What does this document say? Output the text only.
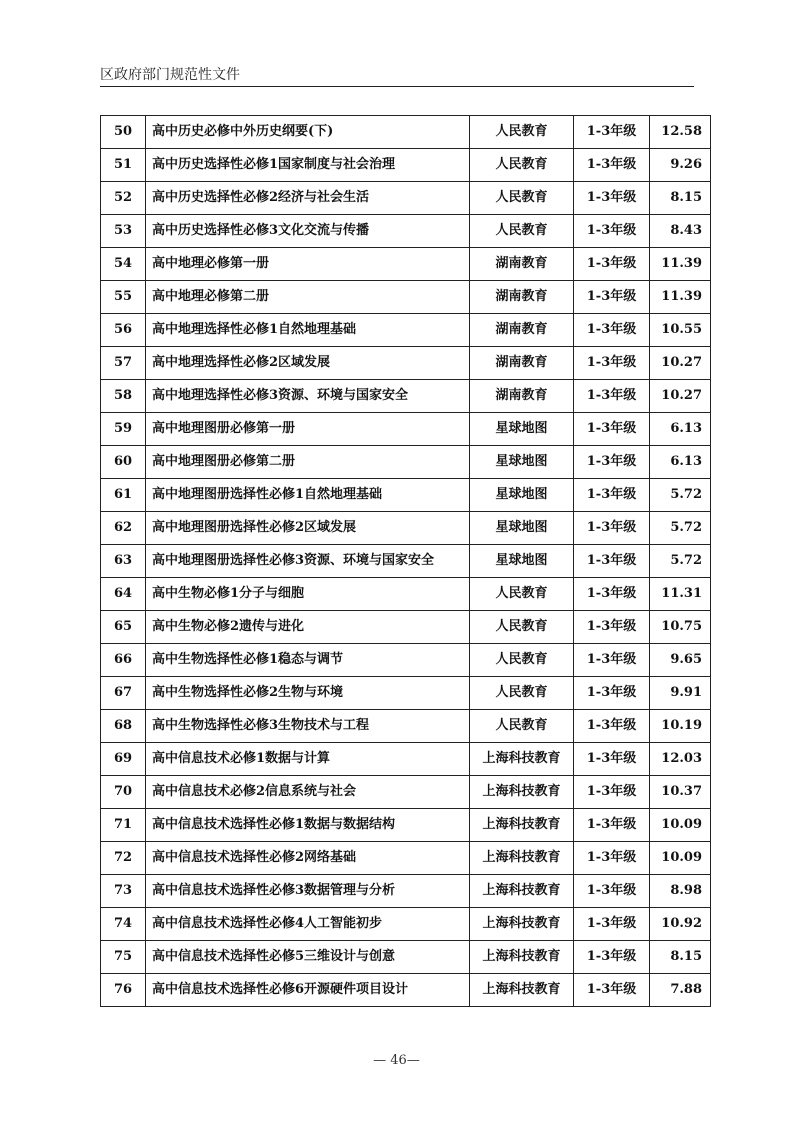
区政府部门规范性文件
50	高中历史必修中外历史纲要(下)	人民教育	1-3年级	12.58
51	高中历史选择性必修1国家制度与社会治理	人民教育	1-3年级	9.26
52	高中历史选择性必修2经济与社会生活	人民教育	1-3年级	8.15
53	高中历史选择性必修3文化交流与传播	人民教育	1-3年级	8.43
54	高中地理必修第一册	湖南教育	1-3年级	11.39
55	高中地理必修第二册	湖南教育	1-3年级	11.39
56	高中地理选择性必修1自然地理基础	湖南教育	1-3年级	10.55
57	高中地理选择性必修2区域发展	湖南教育	1-3年级	10.27
58	高中地理选择性必修3资源、环境与国家安全	湖南教育	1-3年级	10.27
59	高中地理图册必修第一册	星球地图	1-3年级	6.13
60	高中地理图册必修第二册	星球地图	1-3年级	6.13
61	高中地理图册选择性必修1自然地理基础	星球地图	1-3年级	5.72
62	高中地理图册选择性必修2区域发展	星球地图	1-3年级	5.72
63	高中地理图册选择性必修3资源、环境与国家安全	星球地图	1-3年级	5.72
64	高中生物必修1分子与细胞	人民教育	1-3年级	11.31
65	高中生物必修2遗传与进化	人民教育	1-3年级	10.75
66	高中生物选择性必修1稳态与调节	人民教育	1-3年级	9.65
67	高中生物选择性必修2生物与环境	人民教育	1-3年级	9.91
68	高中生物选择性必修3生物技术与工程	人民教育	1-3年级	10.19
69	高中信息技术必修1数据与计算	上海科技教育	1-3年级	12.03
70	高中信息技术必修2信息系统与社会	上海科技教育	1-3年级	10.37
71	高中信息技术选择性必修1数据与数据结构	上海科技教育	1-3年级	10.09
72	高中信息技术选择性必修2网络基础	上海科技教育	1-3年级	10.09
73	高中信息技术选择性必修3数据管理与分析	上海科技教育	1-3年级	8.98
74	高中信息技术选择性必修4人工智能初步	上海科技教育	1-3年级	10.92
75	高中信息技术选择性必修5三维设计与创意	上海科技教育	1-3年级	8.15
76	高中信息技术选择性必修6开源硬件项目设计	上海科技教育	1-3年级	7.88
— 46—
